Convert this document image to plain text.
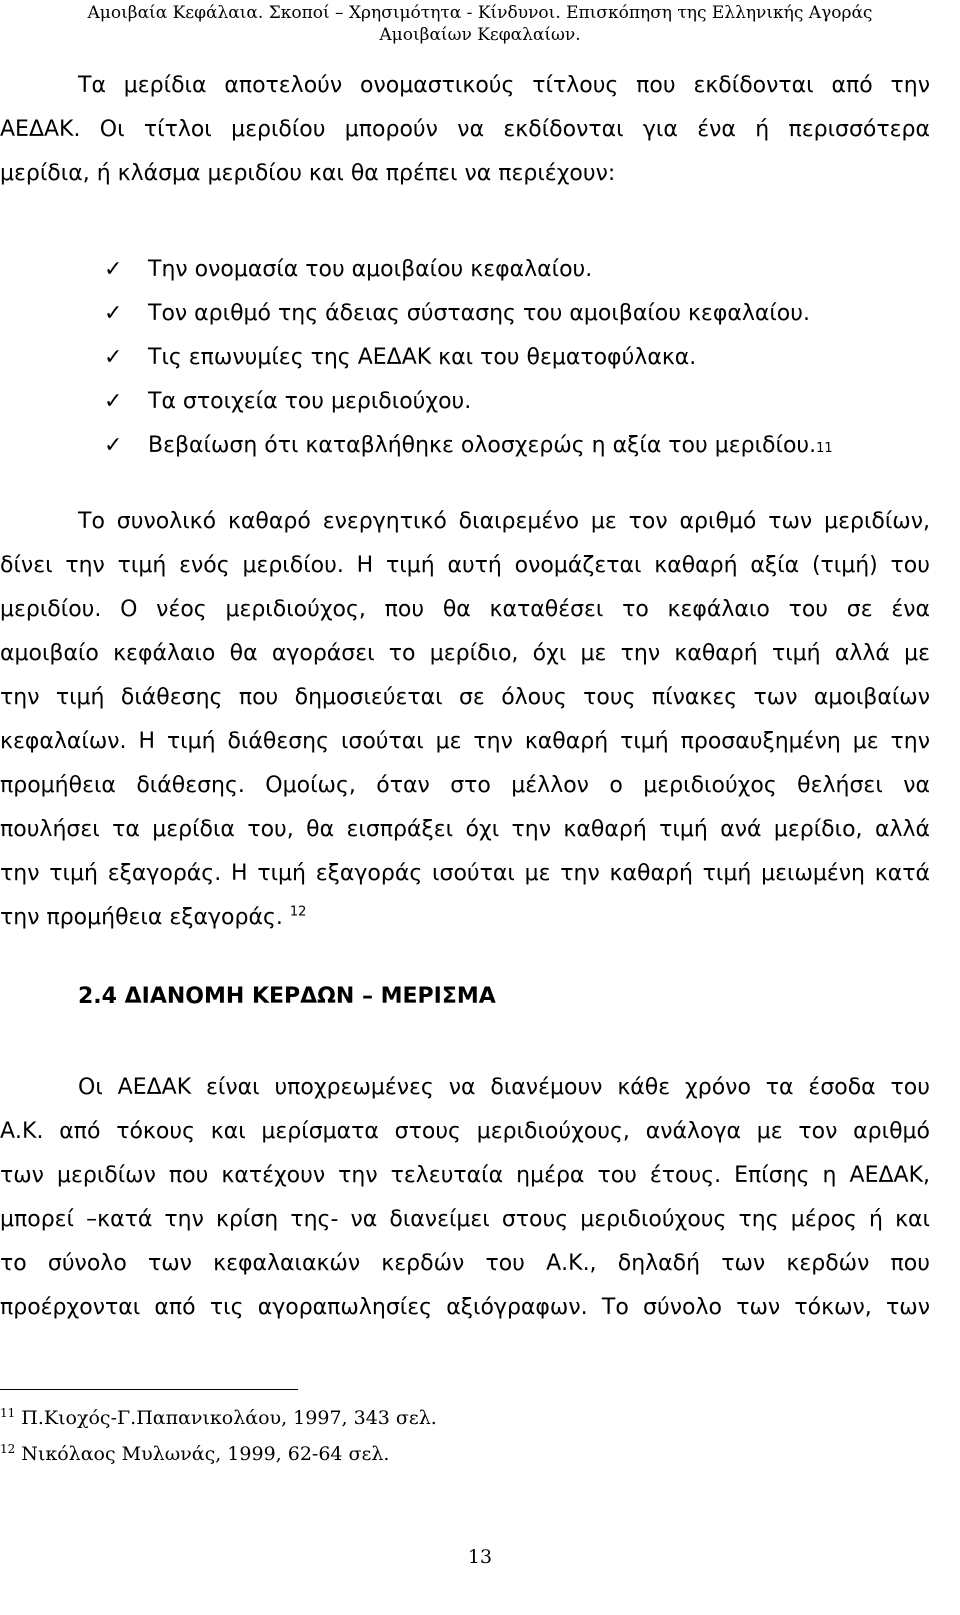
Αμοιβαία Κεφάλαια. Σκοποί – Χρησιμότητα - Κίνδυνοι. Επισκόπηση της Ελληνικής Αγοράς
Αμοιβαίων Κεφαλαίων.
Τα μερίδια αποτελούν ονομαστικούς τίτλους που εκδίδονται από την
ΑΕΔΑΚ. Οι τίτλοι μεριδίου μπορούν να εκδίδονται για ένα ή περισσότερα
μερίδια, ή κλάσμα μεριδίου και θα πρέπει να περιέχουν:
✓	Την ονομασία του αμοιβαίου κεφαλαίου.
✓	Τον αριθμό της άδειας σύστασης του αμοιβαίου κεφαλαίου.
✓	Τις επωνυμίες της ΑΕΔΑΚ και του θεματοφύλακα.
✓	Τα στοιχεία του μεριδιούχου.
✓	Βεβαίωση ότι καταβλήθηκε ολοσχερώς η αξία του μεριδίου. 11
Το συνολικό καθαρό ενεργητικό διαιρεμένο με τον αριθμό των μεριδίων,
δίνει την τιμή ενός μεριδίου. Η τιμή αυτή ονομάζεται καθαρή αξία (τιμή) του
μεριδίου. Ο νέος μεριδιούχος, που θα καταθέσει το κεφάλαιο του σε ένα
αμοιβαίο κεφάλαιο θα αγοράσει το μερίδιο, όχι με την καθαρή τιμή αλλά με
την τιμή διάθεσης που δημοσιεύεται σε όλους τους πίνακες των αμοιβαίων
κεφαλαίων. Η τιμή διάθεσης ισούται με την καθαρή τιμή προσαυξημένη με την
προμήθεια διάθεσης. Ομοίως, όταν στο μέλλον ο μεριδιούχος θελήσει να
πουλήσει τα μερίδια του, θα εισπράξει όχι την καθαρή τιμή ανά μερίδιο, αλλά
την τιμή εξαγοράς. Η τιμή εξαγοράς ισούται με την καθαρή τιμή μειωμένη κατά
την προμήθεια εξαγοράς. $^{12}$
2.4 ΔΙΑΝΟΜΗ ΚΕΡΔΩΝ – ΜΕΡΙΣΜΑ
Οι ΑΕΔΑΚ είναι υποχρεωμένες να διανέμουν κάθε χρόνο τα έσοδα του
Α.Κ. από τόκους και μερίσματα στους μεριδιούχους, ανάλογα με τον αριθμό
των μεριδίων που κατέχουν την τελευταία ημέρα του έτους. Επίσης η ΑΕΔΑΚ,
μπορεί –κατά την κρίση της- να διανείμει στους μεριδιούχους της μέρος ή και
το σύνολο των κεφαλαιακών κερδών του Α.Κ., δηλαδή των κερδών που
προέρχονται από τις αγοραπωλησίες αξιόγραφων. Το σύνολο των τόκων, των
$^{11}$ Π.Κιοχός-Γ.Παπανικολάου, 1997, 343 σελ.
$^{12}$ Νικόλαος Μυλωνάς, 1999, 62-64 σελ.
13
